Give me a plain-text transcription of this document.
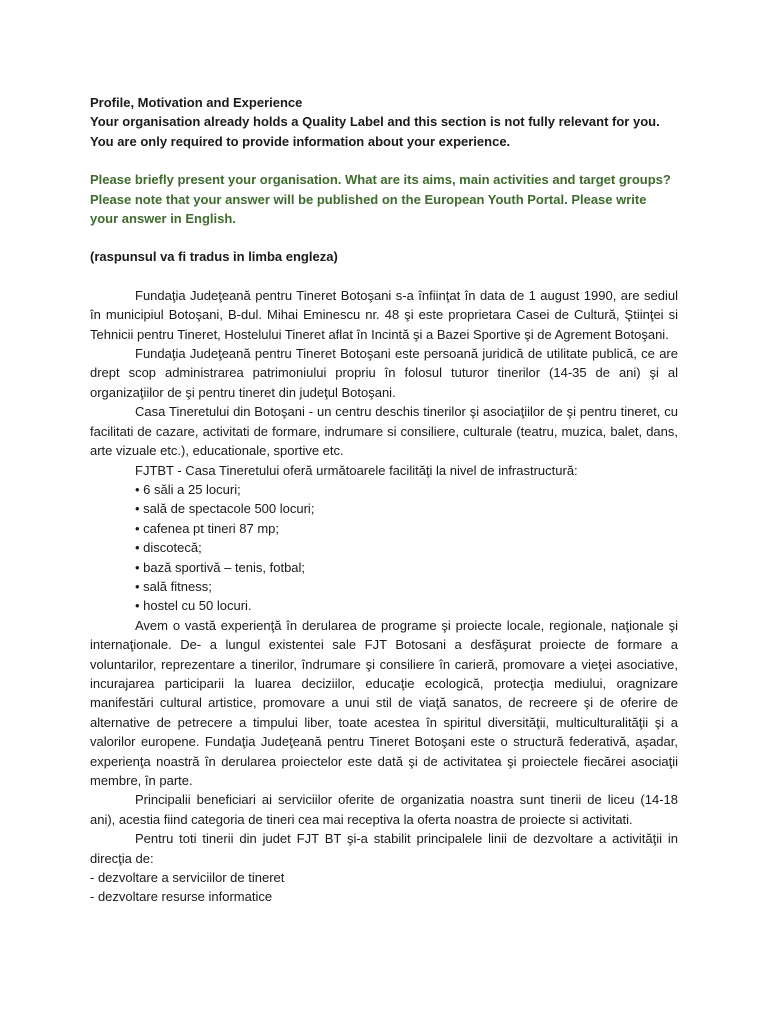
Profile, Motivation and Experience
Your organisation already holds a Quality Label and this section is not fully relevant for you.
You are only required to provide information about your experience.
Please briefly present your organisation. What are its aims, main activities and target groups? Please note that your answer will be published on the European Youth Portal. Please write your answer in English.
(raspunsul va fi tradus in limba engleza)

Fundaţia Judeţeană pentru Tineret Botoşani s-a înfiinţat în data de 1 august 1990, are sediul în municipiul Botoşani, B-dul. Mihai Eminescu nr. 48 şi este proprietara Casei de Cultură, Ştiinţei si Tehnicii pentru Tineret, Hostelului Tineret aflat în Incintă şi a Bazei Sportive şi de Agrement Botoşani.

Fundaţia Judeţeană pentru Tineret Botoşani este persoană juridică de utilitate publică, ce are drept scop administrarea patrimoniului propriu în folosul tuturor tinerilor (14-35 de ani) şi al organizaţiilor de şi pentru tineret din judeţul Botoşani.

Casa Tineretului din Botoşani - un centru deschis tinerilor şi asociaţiilor de şi pentru tineret, cu facilitati de cazare, activitati de formare, indrumare si consiliere, culturale (teatru, muzica, balet, dans, arte vizuale etc.), educationale, sportive etc.

FJTBT - Casa Tineretului oferă următoarele facilităţi la nivel de infrastructură:

• 6 săli a 25 locuri;
• sală de spectacole 500 locuri;
• cafenea pt tineri 87 mp;
• discotecă;
• bază sportivă – tenis, fotbal;
• sală fitness;
• hostel cu 50 locuri.

Avem o vastă experienţă în derularea de programe şi proiecte locale, regionale, naţionale şi internaţionale. De- a lungul existentei sale FJT Botosani a desfăşurat proiecte de formare a voluntarilor, reprezentare a tinerilor, îndrumare şi consiliere în carieră, promovare a vieţei asociative, incurajarea participarii la luarea deciziilor, educaţie ecologică, protecţia mediului, oragnizare manifestări cultural artistice, promovare a unui stil de viaţă sanatos, de recreere şi de oferire de alternative de petrecere a timpului liber, toate acestea în spiritul diversităţii, multiculturalităţii şi a valorilor europene. Fundaţia Judeţeană pentru Tineret Botoşani este o structură federativă, aşadar, experienţa noastră în derularea proiectelor este dată şi de activitatea şi proiectele fiecărei asociaţii membre, în parte.

Principalii beneficiari ai serviciilor oferite de organizatia noastra sunt tinerii de liceu (14-18 ani), acestia fiind categoria de tineri cea mai receptiva la oferta noastra de proiecte si activitati.

Pentru toti tinerii din judet FJT BT şi-a stabilit principalele linii de dezvoltare a activităţii in direcţia de:

- dezvoltare a serviciilor de tineret
- dezvoltare resurse informatice
